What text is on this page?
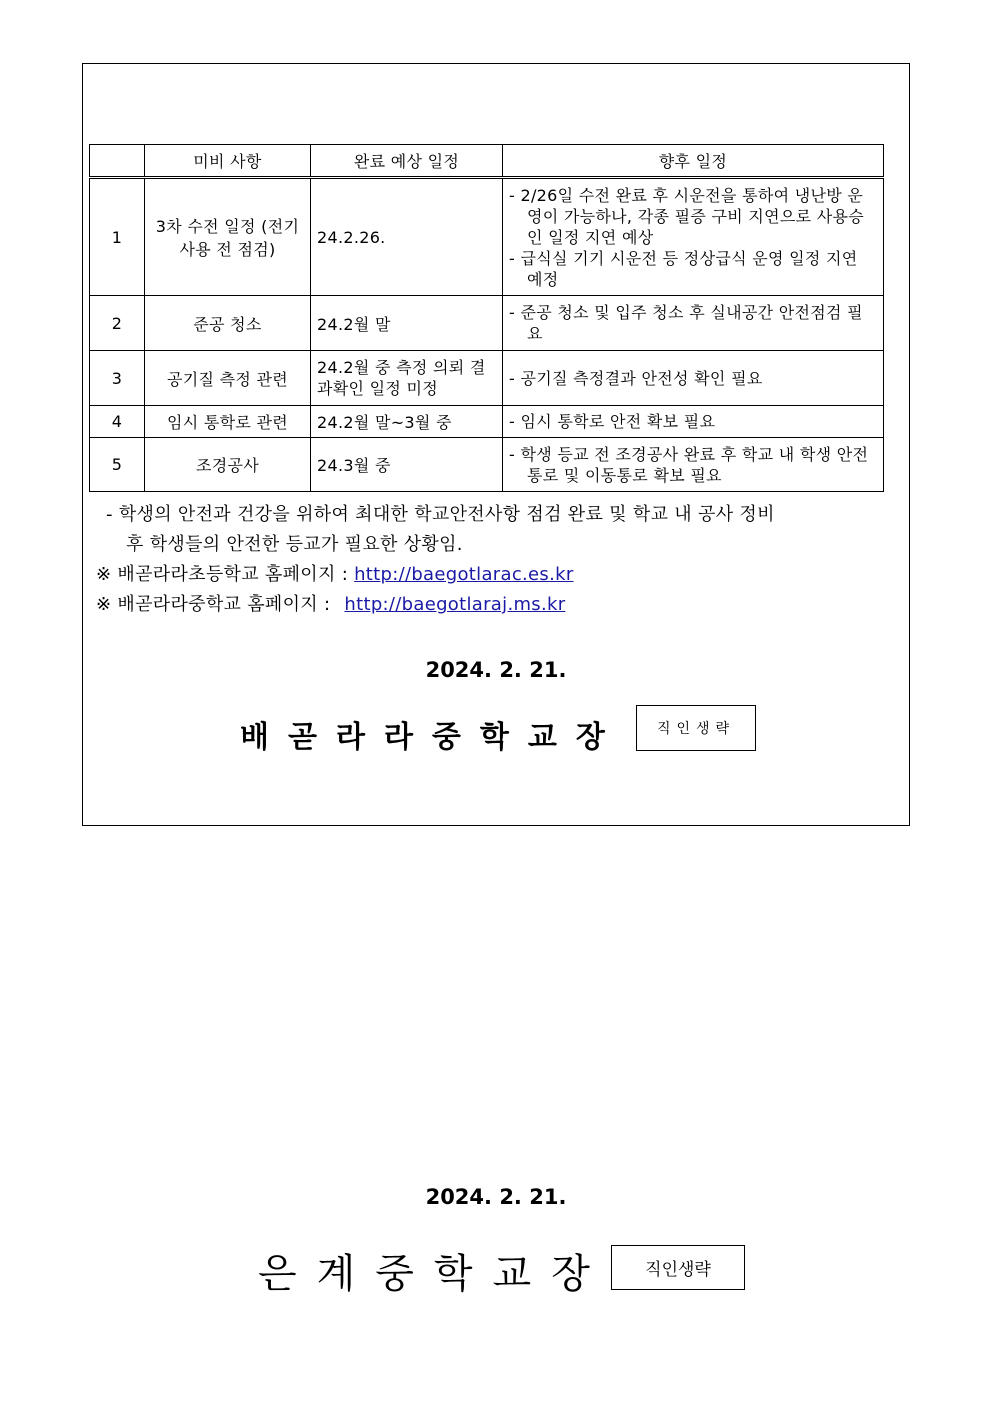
	미비 사항	완료 예상 일정	향후 일정
1	3차 수전 일정 (전기 사용 전 점검)	24.2.26.	- 2/26일 수전 완료 후 시운전을 통하여 냉난방 운영이 가능하나, 각종 필증 구비 지연으로 사용승인 일정 지연 예상
- 급식실 기기 시운전 등 정상급식 운영 일정 지연 예정

2	준공 청소	24.2월 말	- 준공 청소 및 입주 청소 후 실내공간 안전점검 필요

3	공기질 측정 관련	24.2월 중 측정 의뢰 결과확인 일정 미정	- 공기질 측정결과 안전성 확인 필요

4	임시 통학로 관련	24.2월 말~3월 중	- 임시 통학로 안전 확보 필요

5	조경공사	24.3월 중	- 학생 등교 전 조경공사 완료 후 학교 내 학생 안전통로 및 이동통로 확보 필요
- 학생의 안전과 건강을 위하여 최대한 학교안전사항 점검 완료 및 학교 내 공사 정비
후 학생들의 안전한 등교가 필요한 상황임.
※ 배곧라라초등학교 홈페이지 : http://baegotlarac.es.kr
※ 배곧라라중학교 홈페이지 : http://baegotlaraj.ms.kr
2024. 2. 21.
배곧라라중학교장	직인생략
2024. 2. 21.
은계중학교장	직인생략
